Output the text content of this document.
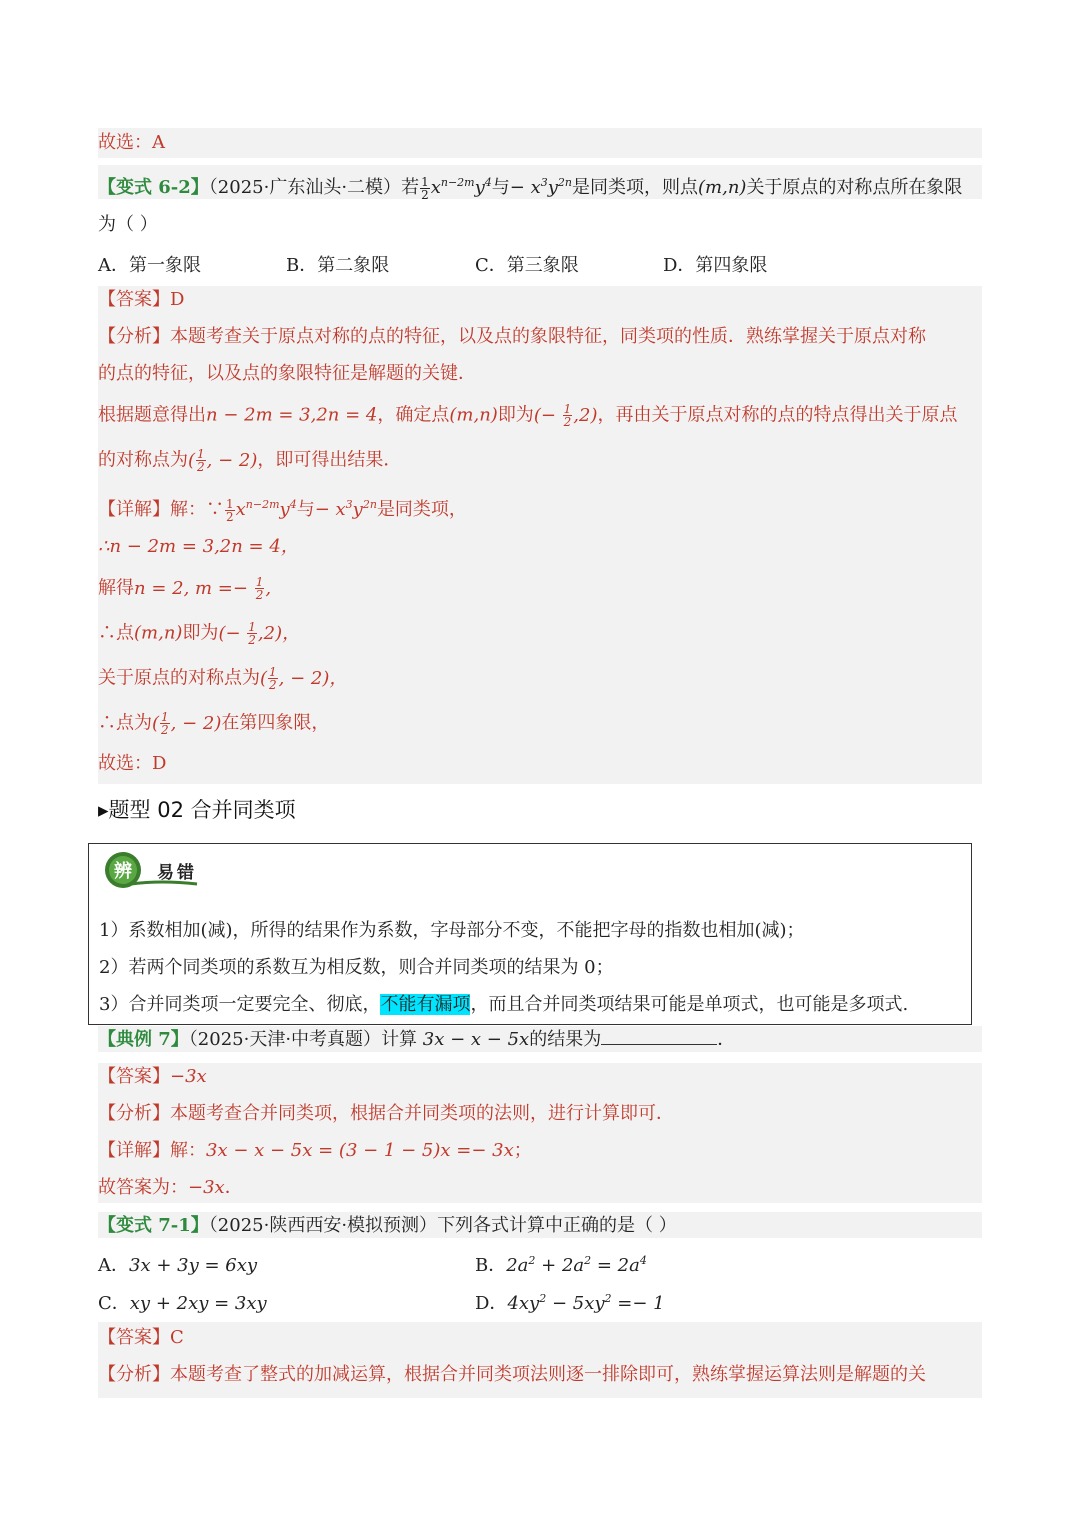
故选：A
【变式 6-2】（2025·广东汕头·二模）若 $\frac{1}{2} x^{n-2m}y^4$与− $x^3y^{2n}$是同类项，则点(m,n)关于原点的对称点所在象限
为（ ）
A．第一象限	B．第二象限	C．第三象限	D．第四象限
【答案】D
【分析】本题考查关于原点对称的点的特征，以及点的象限特征，同类项的性质．熟练掌握关于原点对称
的点的特征，以及点的象限特征是解题的关键．
根据题意得出n − 2m = 3,2n = 4，确定点(m,n)即为(− $\frac{1}{2} ,2$)，再由关于原点对称的点的特点得出关于原点
的对称点为( $\frac{1}{2}$ , − 2)，即可得出结果．
【详解】解：∵ $\frac{1}{2} x^{n-2m}y^4$与− $x^3y^{2n}$是同类项，
∴n − 2m = 3,2n = 4，
解得n = 2, $m =- \frac{1}{2}$ ,
∴点(m,n)即为(− $\frac{1}{2} ,2$)，
关于原点的对称点为( $\frac{1}{2}$ , − 2)，
∴点为( $\frac{1}{2}$ , − 2)在第四象限，
故选：D
▸题型 02 合并同类项
辨 易 错
1）系数相加(减)，所得的结果作为系数，字母部分不变，不能把字母的指数也相加(减)；
2）若两个同类项的系数互为相反数，则合并同类项的结果为 0；
3）合并同类项一定要完全、彻底，不能有漏项，而且合并同类项结果可能是单项式，也可能是多项式.
【典例 7】（2025·天津·中考真题）计算 3x − x − 5x的结果为	．
【答案】−3x
【分析】本题考查合并同类项，根据合并同类项的法则，进行计算即可．
【详解】解：3x − x − 5x = (3 − 1 − 5)x =− 3x；
故答案为：−3x．
【变式 7-1】（2025·陕西西安·模拟预测）下列各式计算中正确的是（ ）
A．3x + 3y = 6xy	B．$2a^2 + 2a^2 = 2a^4$
C．xy + 2xy = 3xy	D．$4xy^2 - 5xy^2 =- 1$
【答案】C
【分析】本题考查了整式的加减运算，根据合并同类项法则逐一排除即可，熟练掌握运算法则是解题的关
